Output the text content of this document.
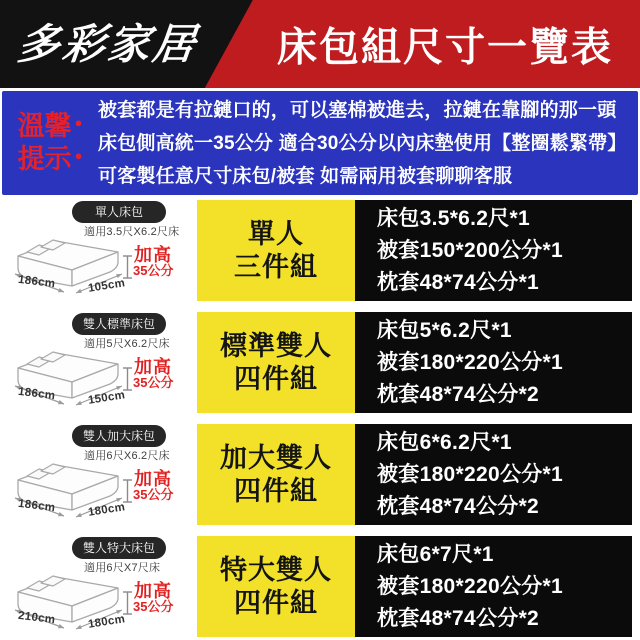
多彩家居	床包組尺寸一覽表
溫馨 ●
提示 ●
被套都是有拉鏈口的，可以塞棉被進去，拉鏈在靠腳的那一頭
床包側高統一35公分 適合30公分以內床墊使用【整圈鬆緊帶】
可客製任意尺寸床包/被套 如需兩用被套聊聊客服
單人床包
適用3.5尺X6.2尺床
加高
35公分
186cm	105cm
單人
三件組
床包3.5*6.2尺*1
被套150*200公分*1
枕套48*74公分*1
雙人標準床包
適用5尺X6.2尺床
加高
35公分
186cm	150cm
標準雙人
四件組
床包5*6.2尺*1
被套180*220公分*1
枕套48*74公分*2
雙人加大床包
適用6尺X6.2尺床
加高
35公分
186cm	180cm
加大雙人
四件組
床包6*6.2尺*1
被套180*220公分*1
枕套48*74公分*2
雙人特大床包
適用6尺X7尺床
加高
35公分
210cm	180cm
特大雙人
四件組
床包6*7尺*1
被套180*220公分*1
枕套48*74公分*2
